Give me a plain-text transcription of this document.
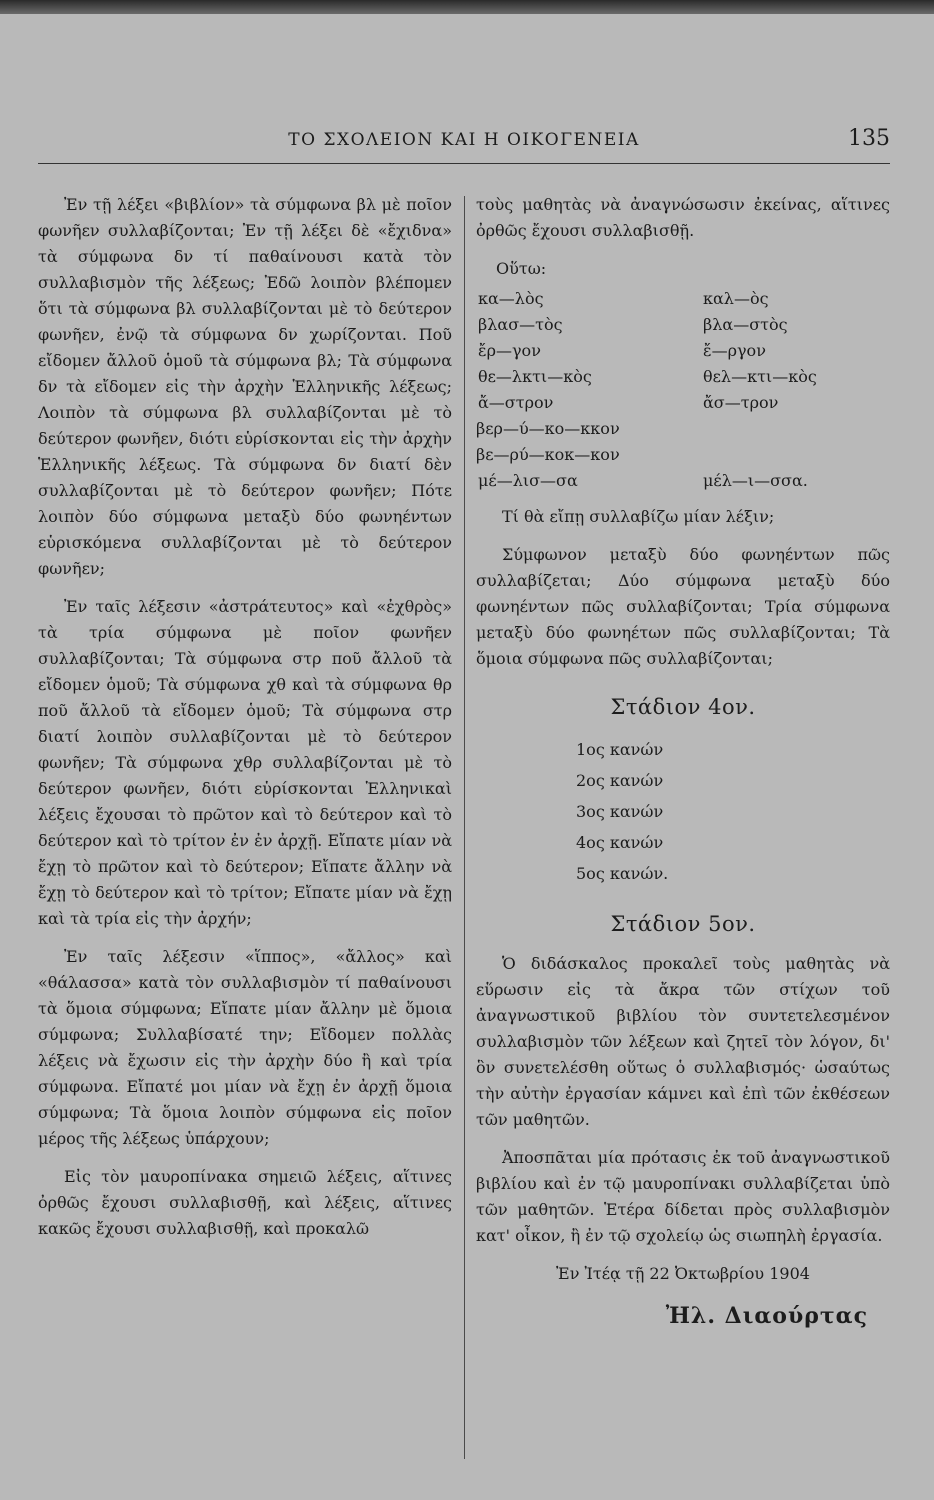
ΤΟ ΣΧΟΛΕΙΟΝ ΚΑΙ Η ΟΙΚΟΓΕΝΕΙΑ	135

Ἐν τῇ λέξει «βιβλίον» τὰ σύμφωνα βλ μὲ ποῖον φωνῆεν συλλαβίζονται; Ἐν τῇ λέξει δὲ «ἔχιδνα» τὰ σύμφωνα δν τί παθαίνουσι κατὰ τὸν συλλαβισμὸν τῆς λέξεως; Ἐδῶ λοιπὸν βλέπομεν ὅτι τὰ σύμφωνα βλ συλλαβίζονται μὲ τὸ δεύτερον φωνῆεν, ἐνῷ τὰ σύμφωνα δν χωρίζονται. Ποῦ εἴδομεν ἄλλοῦ ὁμοῦ τὰ σύμφωνα βλ; Τὰ σύμφωνα δν τὰ εἴδομεν εἰς τὴν ἀρχὴν Ἑλληνικῆς λέξεως; Λοιπὸν τὰ σύμφωνα βλ συλλαβίζονται μὲ τὸ δεύτερον φωνῆεν, διότι εὑρίσκονται εἰς τὴν ἀρχὴν Ἑλληνικῆς λέξεως. Τὰ σύμφωνα δν διατί δὲν συλλαβίζονται μὲ τὸ δεύτερον φωνῆεν; Πότε λοιπὸν δύο σύμφωνα μεταξὺ δύο φωνηέντων εὑρισκόμενα συλλαβίζονται μὲ τὸ δεύτερον φωνῆεν;

Ἐν ταῖς λέξεσιν «ἀστράτευτος» καὶ «ἐχθρὸς» τὰ τρία σύμφωνα μὲ ποῖον φωνῆεν συλλαβίζονται; Τὰ σύμφωνα στρ ποῦ ἄλλοῦ τὰ εἴδομεν ὁμοῦ; Τὰ σύμφωνα χθ καὶ τὰ σύμφωνα θρ ποῦ ἄλλοῦ τὰ εἴδομεν ὁμοῦ; Τὰ σύμφωνα στρ διατί λοιπὸν συλλαβίζονται μὲ τὸ δεύτερον φωνῆεν; Τὰ σύμφωνα χθρ συλλαβίζονται μὲ τὸ δεύτερον φωνῆεν, διότι εὑρίσκονται Ἑλληνικαὶ λέξεις ἔχουσαι τὸ πρῶτον καὶ τὸ δεύτερον καὶ τὸ δεύτερον καὶ τὸ τρίτον ἐν ἐν ἀρχῇ. Εἴπατε μίαν νὰ ἔχῃ τὸ πρῶτον καὶ τὸ δεύτερον; Εἴπατε ἄλλην νὰ ἔχῃ τὸ δεύτερον καὶ τὸ τρίτον; Εἴπατε μίαν νὰ ἔχῃ καὶ τὰ τρία εἰς τὴν ἀρχήν;

Ἐν ταῖς λέξεσιν «ἵππος», «ἄλλος» καὶ «θάλασσα» κατὰ τὸν συλλαβισμὸν τί παθαίνουσι τὰ ὅμοια σύμφωνα; Εἴπατε μίαν ἄλλην μὲ ὅμοια σύμφωνα; Συλλαβίσατέ την; Εἴδομεν πολλὰς λέξεις νὰ ἔχωσιν εἰς τὴν ἀρχὴν δύο ἢ καὶ τρία σύμφωνα. Εἴπατέ μοι μίαν νὰ ἔχῃ ἐν ἀρχῇ ὅμοια σύμφωνα; Τὰ ὅμοια λοιπὸν σύμφωνα εἰς ποῖον μέρος τῆς λέξεως ὑπάρχουν;

Εἰς τὸν μαυροπίνακα σημειῶ λέξεις, αἵτινες ὀρθῶς ἔχουσι συλλαβισθῇ, καὶ λέξεις, αἵτινες κακῶς ἔχουσι συλλαβισθῇ, καὶ προκαλῶ

τοὺς μαθητὰς νὰ ἀναγνώσωσιν ἐκείνας, αἵτινες ὀρθῶς ἔχουσι συλλαβισθῇ.

Οὕτω:

κα—λὸς	καλ—ὸς
βλασ—τὸς	βλα—στὸς
ἔρ—γον	ἔ—ργον
θε—λκτι—κὸς	θελ—κτι—κὸς
ἄ—στρον	ἄσ—τρον
βερ—ύ—κο—κκον	
βε—ρύ—κοκ—κον	
μέ—λισ—σα	μέλ—ι—σσα.

Τί θὰ εἴπῃ συλλαβίζω μίαν λέξιν;

Σύμφωνον μεταξὺ δύο φωνηέντων πῶς συλλαβίζεται; Δύο σύμφωνα μεταξὺ δύο φωνηέντων πῶς συλλαβίζονται; Τρία σύμφωνα μεταξὺ δύο φωνηέτων πῶς συλλαβίζονται; Τὰ ὅμοια σύμφωνα πῶς συλλαβίζονται;

Στάδιον 4ον.
1ος κανών
2ος κανών
3ος κανών
4ος κανών
5ος κανών.
Στάδιον 5ον.

Ὁ διδάσκαλος προκαλεῖ τοὺς μαθητὰς νὰ εὕρωσιν εἰς τὰ ἄκρα τῶν στίχων τοῦ ἀναγνωστικοῦ βιβλίου τὸν συντετελεσμένον συλλαβισμὸν τῶν λέξεων καὶ ζητεῖ τὸν λόγον, δι' ὃν συνετελέσθη οὕτως ὁ συλλαβισμός· ὡσαύτως τὴν αὐτὴν ἐργασίαν κάμνει καὶ ἐπὶ τῶν ἐκθέσεων τῶν μαθητῶν.

Ἀποσπᾶται μία πρότασις ἐκ τοῦ ἀναγνωστικοῦ βιβλίου καὶ ἐν τῷ μαυροπίνακι συλλαβίζεται ὑπὸ τῶν μαθητῶν. Ἑτέρα δίδεται πρὸς συλλαβισμὸν κατ' οἶκον, ἢ ἐν τῷ σχολείῳ ὡς σιωπηλὴ ἐργασία.

Ἐν Ἰτέᾳ τῇ 22 Ὀκτωβρίου 1904
Ἠλ. Διαούρτας
